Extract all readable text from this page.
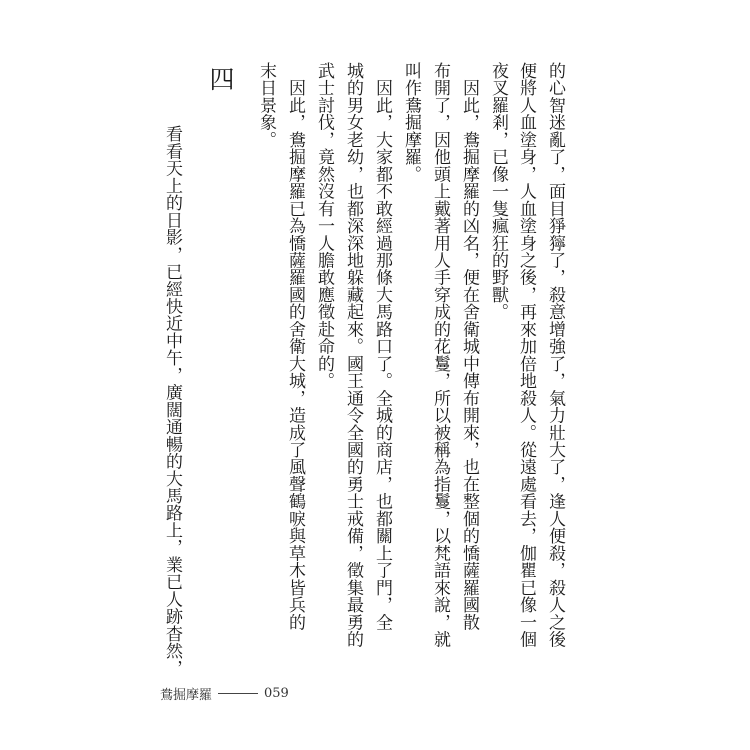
的心智迷亂了，面目猙獰了，殺意增強了，氣力壯大了，逢人便殺，殺人之後
便將人血塗身，人血塗身之後，再來加倍地殺人。從遠處看去，伽瞿已像一個
夜叉羅剎，已像一隻瘋狂的野獸。
　因此，鴦掘摩羅的凶名，便在舍衛城中傳布開來，也在整個的憍薩羅國散
布開了，因他頭上戴著用人手穿成的花鬘，所以被稱為指鬘，以梵語來說，就
叫作鴦掘摩羅。
　因此，大家都不敢經過那條大馬路口了。全城的商店，也都關上了門，全
城的男女老幼，也都深深地躲藏起來。國王通令全國的勇士戒備，徵集最勇的
武士討伐，竟然沒有一人膽敢應徵赴命的。
　因此，鴦掘摩羅已為憍薩羅國的舍衛大城，造成了風聲鶴唳與草木皆兵的
末日景象。
四
　看看天上的日影，已經快近中午，廣闊通暢的大馬路上，業已人跡杳然，
鴦掘摩羅	059
